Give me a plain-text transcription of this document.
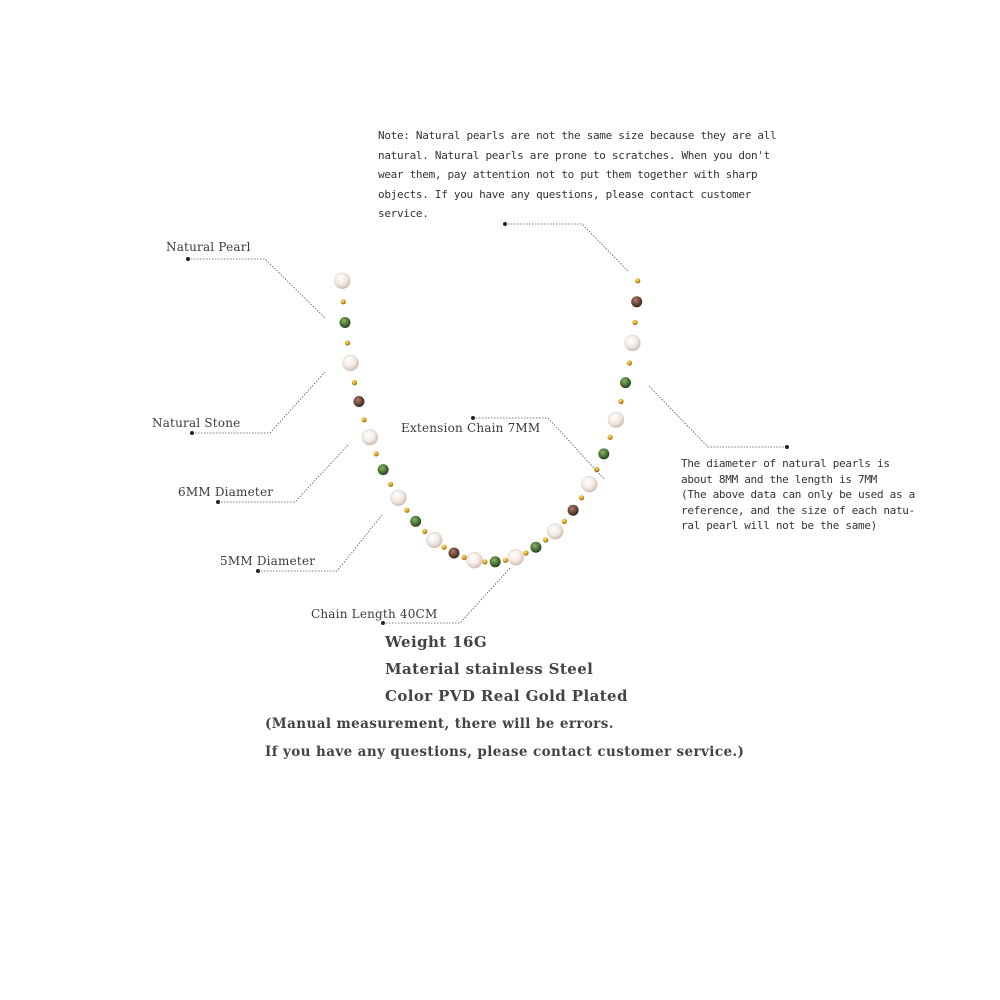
Note: Natural pearls are not the same size because they are all
natural. Natural pearls are prone to scratches. When you don't
wear them, pay attention not to put them together with sharp
objects. If you have any questions, please contact customer
service.
Natural Pearl
Natural Stone
6MM Diameter
5MM Diameter
Chain Length 40CM
Extension Chain 7MM
The diameter of natural pearls is
about 8MM and the length is 7MM
(The above data can only be used as a
reference, and the size of each natu-
ral pearl will not be the same)
Weight 16G
Material stainless Steel
Color PVD Real Gold Plated
(Manual measurement, there will be errors.
If you have any questions, please contact customer service.)
